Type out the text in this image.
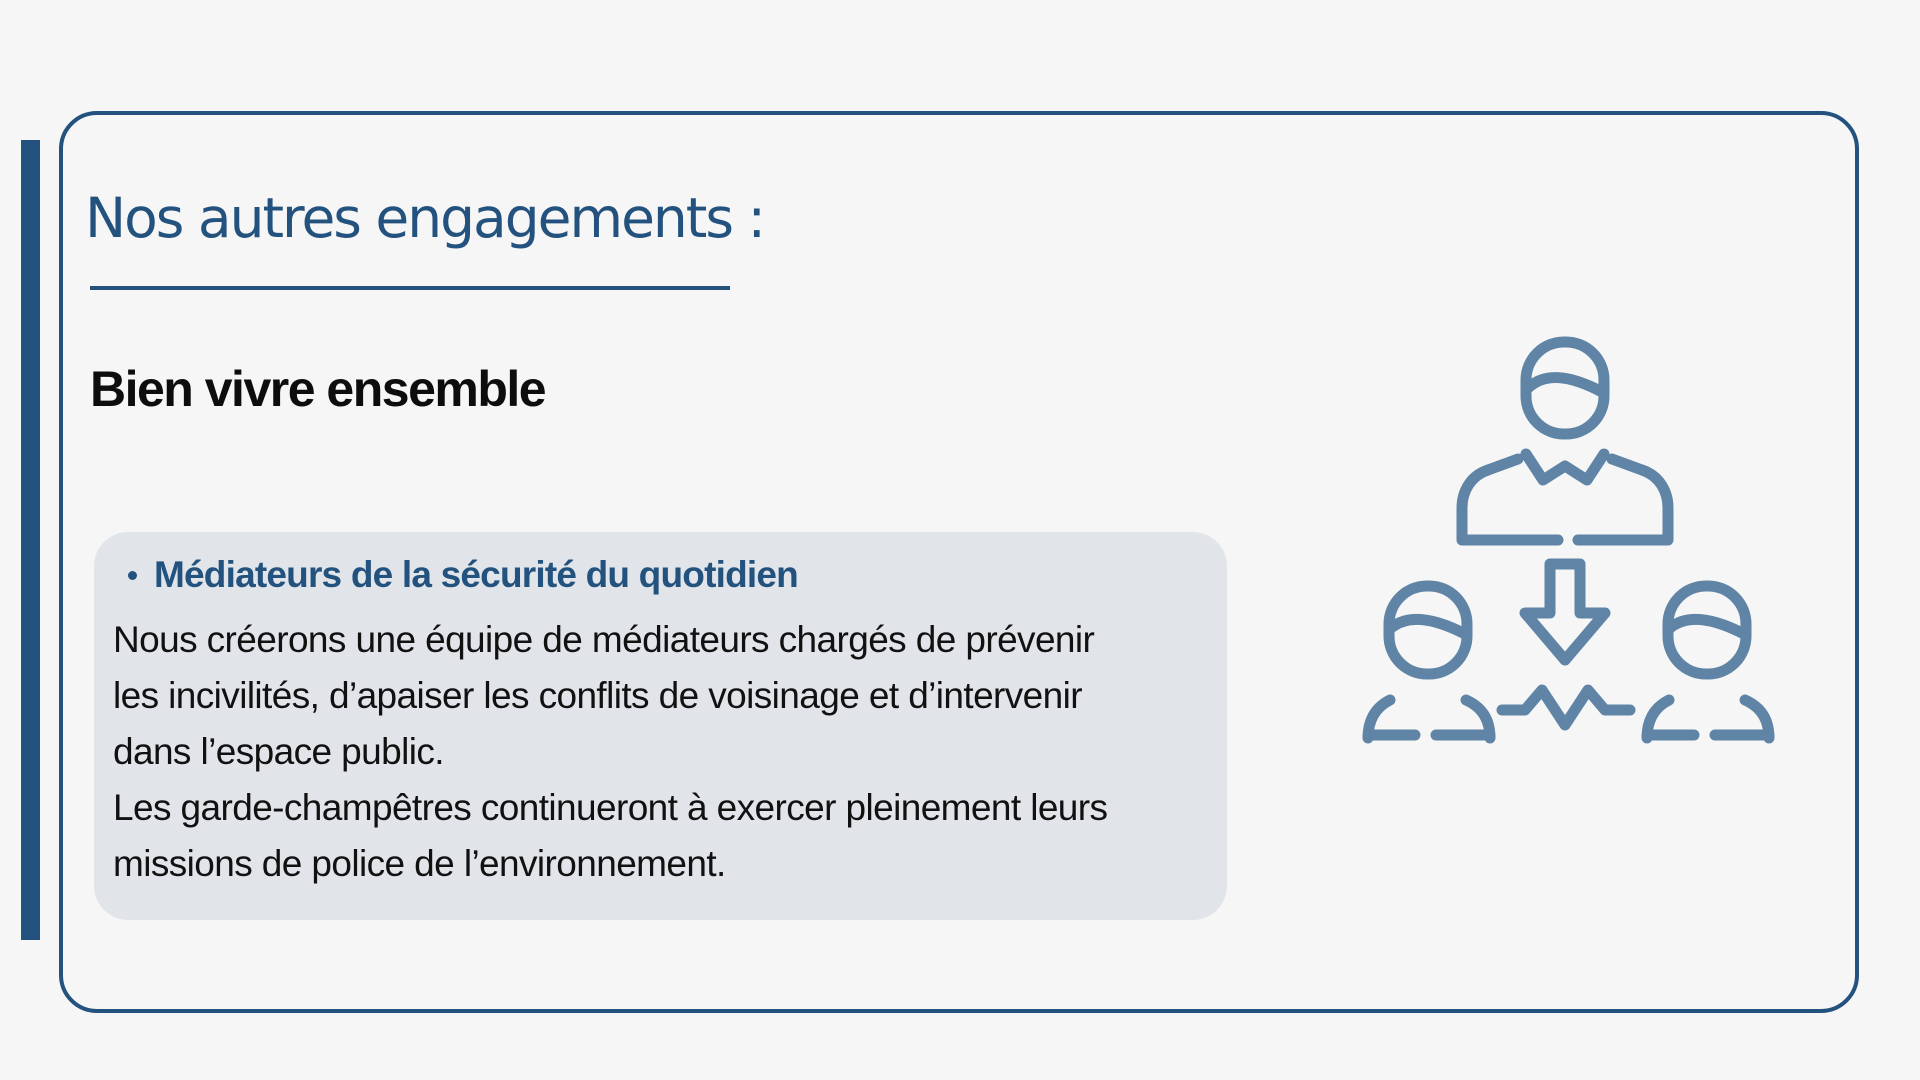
Nos autres engagements :
Bien vivre ensemble
Médiateurs de la sécurité du quotidien
Nous créerons une équipe de médiateurs chargés de prévenir
les incivilités, d’apaiser les conflits de voisinage et d’intervenir
dans l’espace public.
Les garde-champêtres continueront à exercer pleinement leurs
missions de police de l’environnement.
